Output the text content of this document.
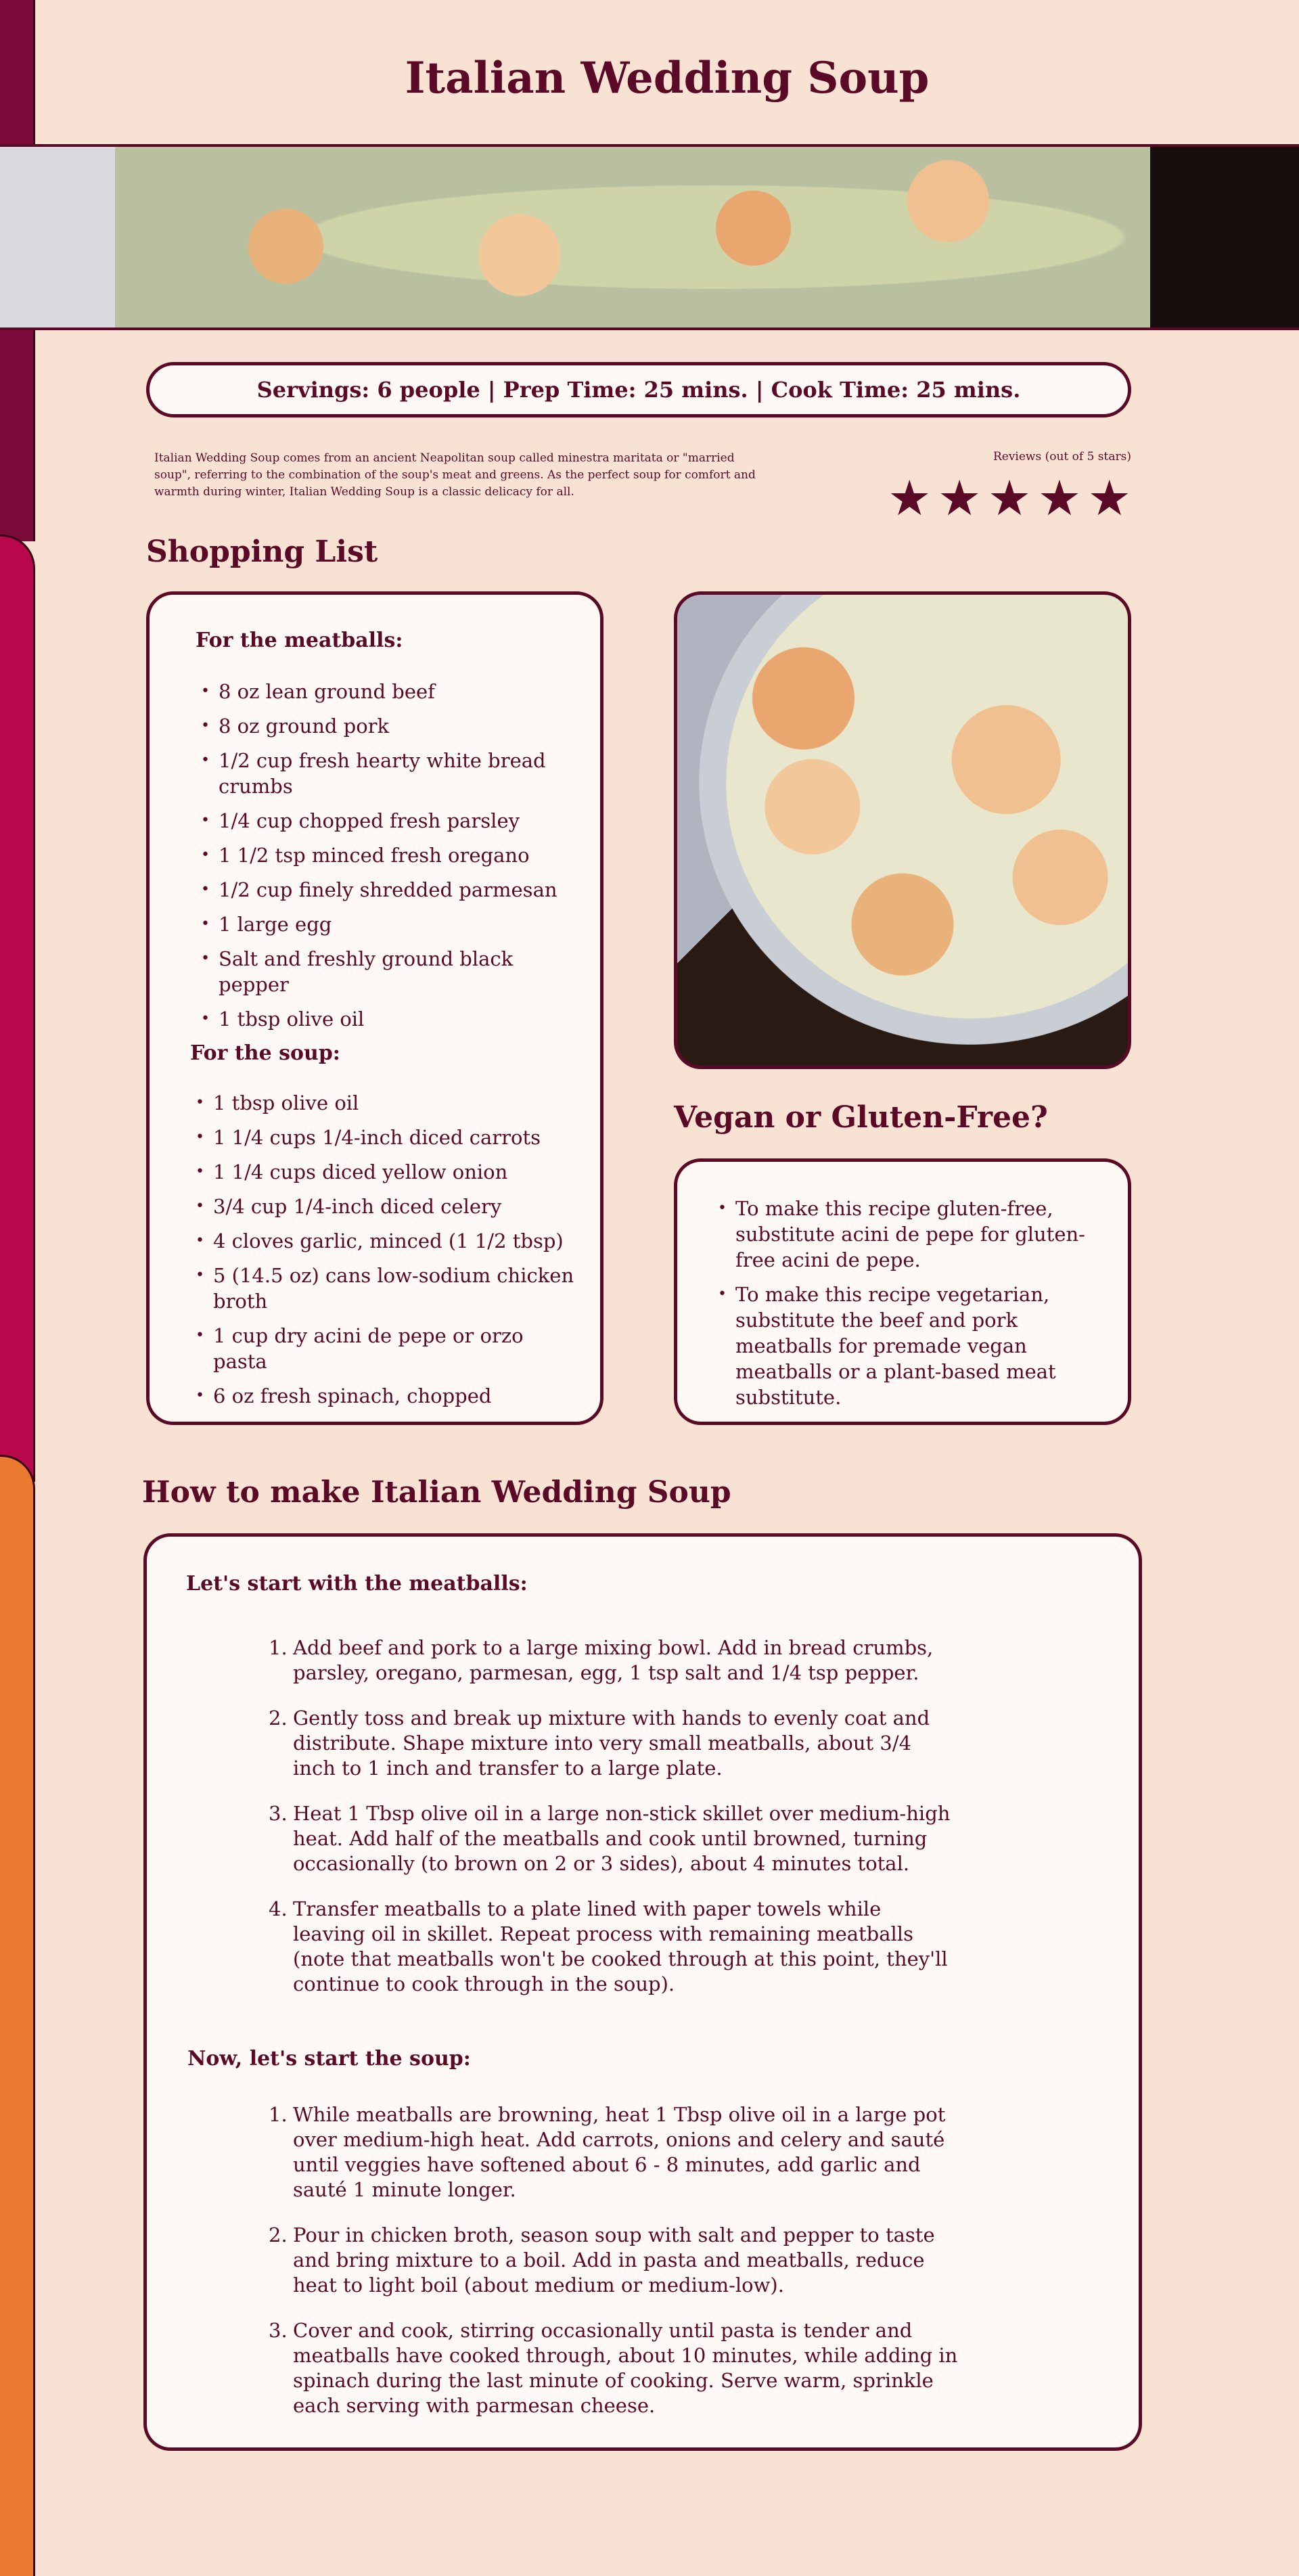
Italian Wedding Soup
Servings: 6 people | Prep Time: 25 mins. | Cook Time: 25 mins.

Italian Wedding Soup comes from an ancient Neapolitan soup called minestra maritata or "married soup", referring to the combination of the soup's meat and greens. As the perfect soup for comfort and warmth during winter, Italian Wedding Soup is a classic delicacy for all.

Reviews (out of 5 stars)
★ ★ ★ ★ ★
Shopping List
For the meatballs:
• 8 oz lean ground beef
• 8 oz ground pork
• 1/2 cup fresh hearty white bread crumbs
• 1/4 cup chopped fresh parsley
• 1 1/2 tsp minced fresh oregano
• 1/2 cup finely shredded parmesan
• 1 large egg
• Salt and freshly ground black pepper
• 1 tbsp olive oil
For the soup:
• 1 tbsp olive oil
• 1 1/4 cups 1/4-inch diced carrots
• 1 1/4 cups diced yellow onion
• 3/4 cup 1/4-inch diced celery
• 4 cloves garlic, minced (1 1/2 tbsp)
• 5 (14.5 oz) cans low-sodium chicken broth
• 1 cup dry acini de pepe or orzo pasta
• 6 oz fresh spinach, chopped
Vegan or Gluten-Free?
• To make this recipe gluten-free, substitute acini de pepe for gluten-free acini de pepe.
• To make this recipe vegetarian, substitute the beef and pork meatballs for premade vegan meatballs or a plant-based meat substitute.
How to make Italian Wedding Soup
Let's start with the meatballs:
1. Add beef and pork to a large mixing bowl. Add in bread crumbs, parsley, oregano, parmesan, egg, 1 tsp salt and 1/4 tsp pepper.
2. Gently toss and break up mixture with hands to evenly coat and distribute. Shape mixture into very small meatballs, about 3/4 inch to 1 inch and transfer to a large plate.
3. Heat 1 Tbsp olive oil in a large non-stick skillet over medium-high heat. Add half of the meatballs and cook until browned, turning occasionally (to brown on 2 or 3 sides), about 4 minutes total.
4. Transfer meatballs to a plate lined with paper towels while leaving oil in skillet. Repeat process with remaining meatballs (note that meatballs won't be cooked through at this point, they'll continue to cook through in the soup).
Now, let's start the soup:
1. While meatballs are browning, heat 1 Tbsp olive oil in a large pot over medium-high heat. Add carrots, onions and celery and sauté until veggies have softened about 6 - 8 minutes, add garlic and sauté 1 minute longer.
2. Pour in chicken broth, season soup with salt and pepper to taste and bring mixture to a boil. Add in pasta and meatballs, reduce heat to light boil (about medium or medium-low).
3. Cover and cook, stirring occasionally until pasta is tender and meatballs have cooked through, about 10 minutes, while adding in spinach during the last minute of cooking. Serve warm, sprinkle each serving with parmesan cheese.
